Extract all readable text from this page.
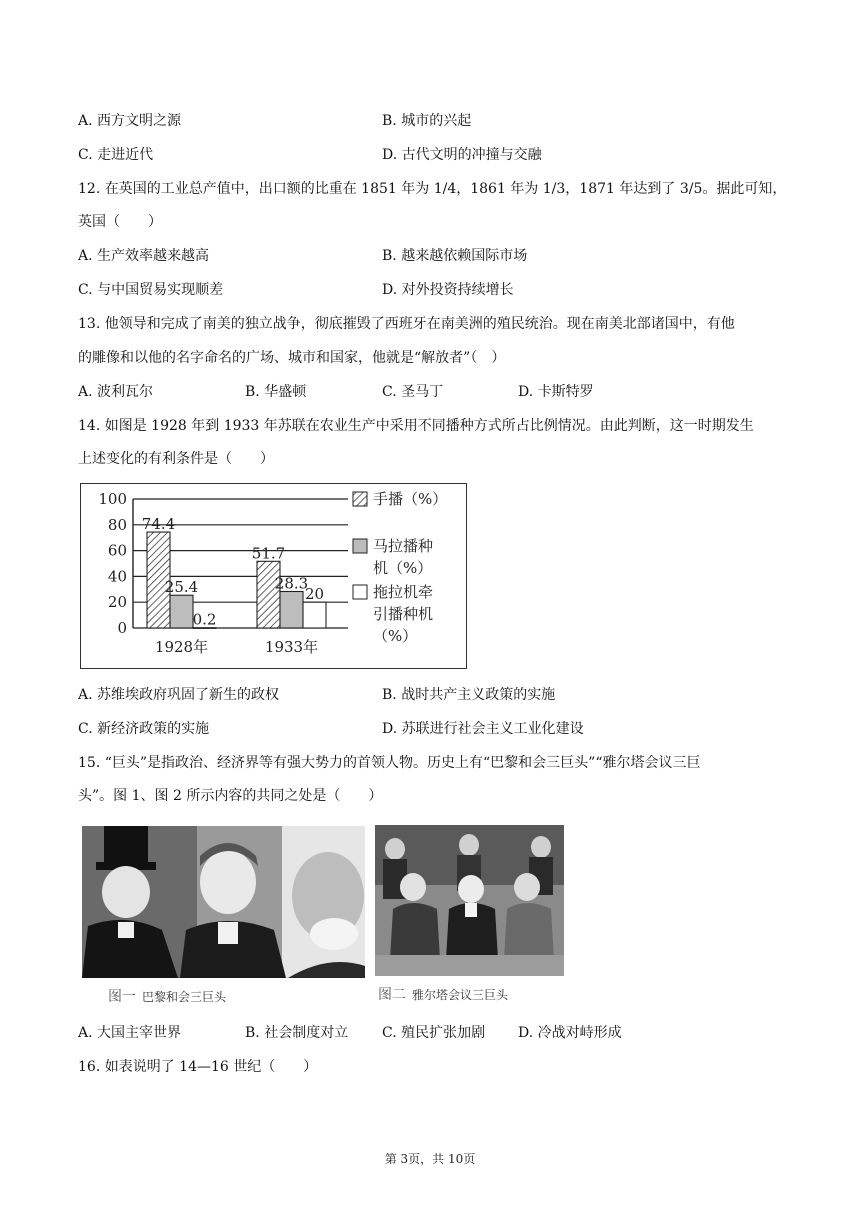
A. 西方文明之源	B. 城市的兴起
C. 走进近代	D. 古代文明的冲撞与交融
12. 在英国的工业总产值中，出口额的比重在 1851 年为 1/4，1861 年为 1/3，1871 年达到了 3/5。据此可知，
英国（　　）
A. 生产效率越来越高	B. 越来越依赖国际市场
C. 与中国贸易实现顺差	D. 对外投资持续增长
13. 他领导和完成了南美的独立战争，彻底摧毁了西班牙在南美洲的殖民统治。现在南美北部诸国中，有他
的雕像和以他的名字命名的广场、城市和国家，他就是“解放者”（　）
A. 波利瓦尔	B. 华盛顿	C. 圣马丁	D. 卡斯特罗
14. 如图是 1928 年到 1933 年苏联在农业生产中采用不同播种方式所占比例情况。由此判断，这一时期发生
上述变化的有利条件是（　　）
100
80
60
40
20
0
74.4
25.4
0.2
1928年
51.7
28.3
20
1933年
手播（%）
马拉播种
机（%）
拖拉机牵
引播种机
（%）
A. 苏维埃政府巩固了新生的政权	B. 战时共产主义政策的实施
C. 新经济政策的实施	D. 苏联进行社会主义工业化建设
15. “巨头”是指政治、经济界等有强大势力的首领人物。历史上有“巴黎和会三巨头”“雅尔塔会议三巨
头”。图 1、图 2 所示内容的共同之处是（　　）
图一 巴黎和会三巨头	图二 雅尔塔会议三巨头
A. 大国主宰世界	B. 社会制度对立 C. 殖民扩张加剧 D. 冷战对峙形成
16. 如表说明了 14—16 世纪（　　）
第 3页，共 10页
